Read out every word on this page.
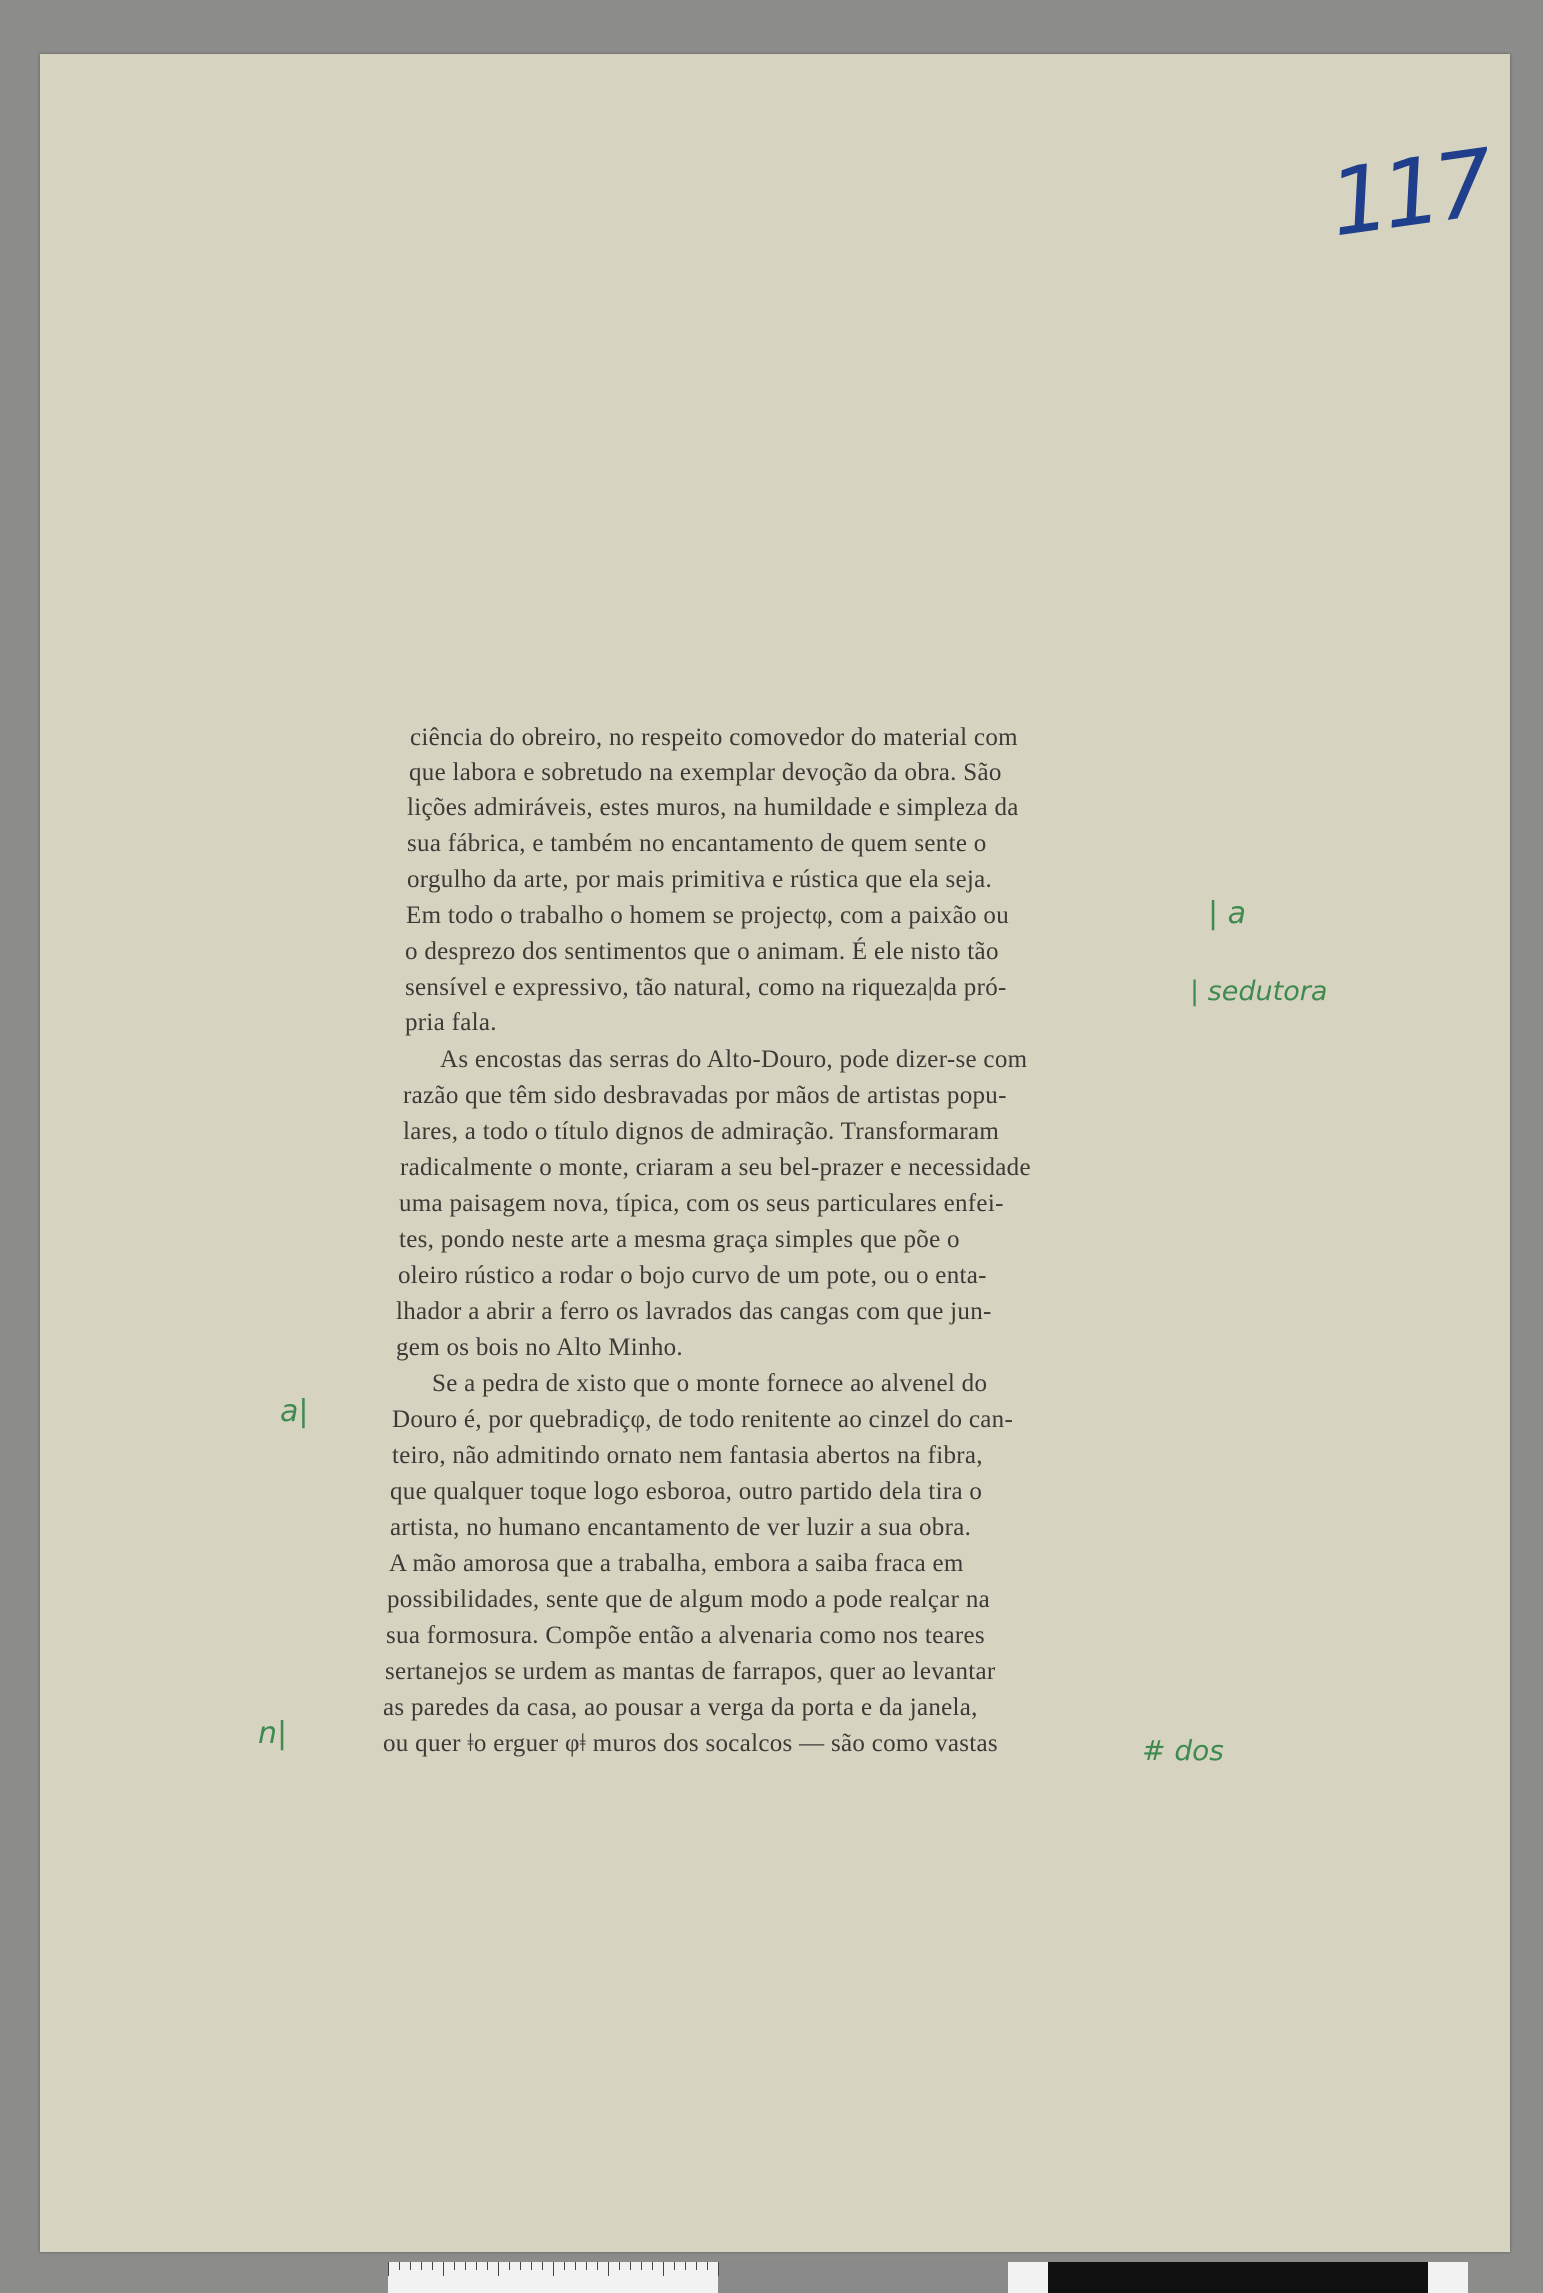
117
ciência do obreiro, no respeito comovedor do material com
que labora e sobretudo na exemplar devoção da obra. São
lições admiráveis, estes muros, na humildade e simpleza da
sua fábrica, e também no encantamento de quem sente o
orgulho da arte, por mais primitiva e rústica que ela seja.
Em todo o trabalho o homem se projectφ, com a paixão ou
o desprezo dos sentimentos que o animam. É ele nisto tão
sensível e expressivo, tão natural, como na riqueza|da pró-
pria fala.
As encostas das serras do Alto-Douro, pode dizer-se com
razão que têm sido desbravadas por mãos de artistas popu-
lares, a todo o título dignos de admiração. Transformaram
radicalmente o monte, criaram a seu bel-prazer e necessidade
uma paisagem nova, típica, com os seus particulares enfei-
tes, pondo neste arte a mesma graça simples que põe o
oleiro rústico a rodar o bojo curvo de um pote, ou o enta-
lhador a abrir a ferro os lavrados das cangas com que jun-
gem os bois no Alto Minho.
Se a pedra de xisto que o monte fornece ao alvenel do
Douro é, por quebradiçφ, de todo renitente ao cinzel do can-
teiro, não admitindo ornato nem fantasia abertos na fibra,
que qualquer toque logo esboroa, outro partido dela tira o
artista, no humano encantamento de ver luzir a sua obra.
A mão amorosa que a trabalha, embora a saiba fraca em
possibilidades, sente que de algum modo a pode realçar na
sua formosura. Compõe então a alvenaria como nos teares
sertanejos se urdem as mantas de farrapos, quer ao levantar
as paredes da casa, ao pousar a verga da porta e da janela,
ou quer ǂo erguer φǂ muros dos socalcos — são como vastas
| a
| sedutora
a|
n|	# dos
